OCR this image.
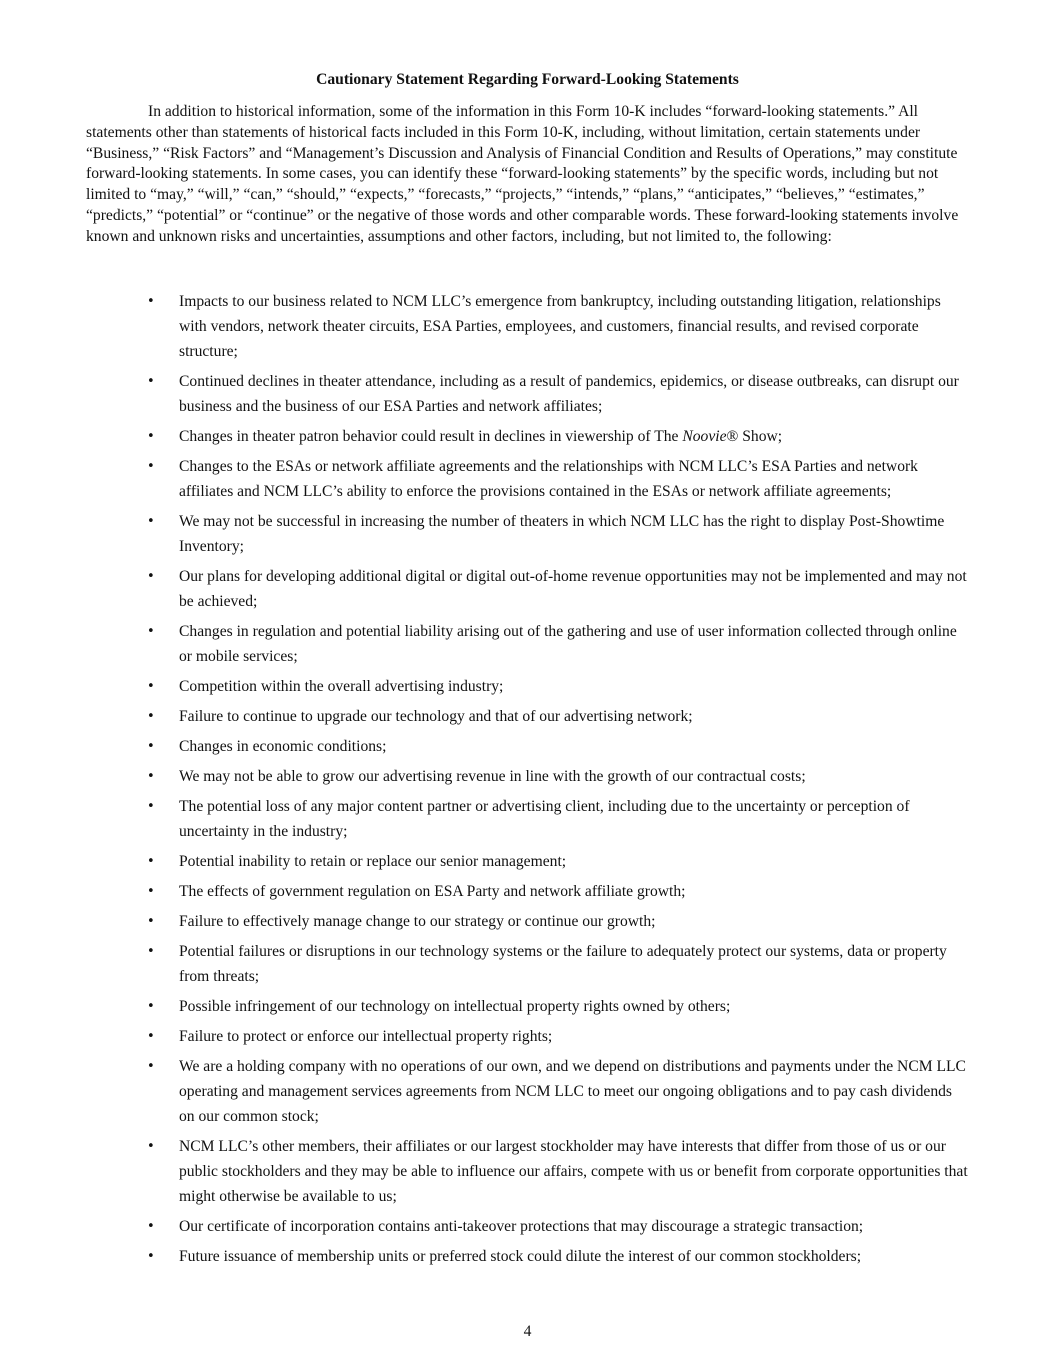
Cautionary Statement Regarding Forward-Looking Statements

In addition to historical information, some of the information in this Form 10-K includes “forward-looking statements.” All statements other than statements of historical facts included in this Form 10-K, including, without limitation, certain statements under “Business,” “Risk Factors” and “Management’s Discussion and Analysis of Financial Condition and Results of Operations,” may constitute forward-looking statements. In some cases, you can identify these “forward-looking statements” by the specific words, including but not limited to “may,” “will,” “can,” “should,” “expects,” “forecasts,” “projects,” “intends,” “plans,” “anticipates,” “believes,” “estimates,” “predicts,” “potential” or “continue” or the negative of those words and other comparable words. These forward-looking statements involve known and unknown risks and uncertainties, assumptions and other factors, including, but not limited to, the following:

• Impacts to our business related to NCM LLC’s emergence from bankruptcy, including outstanding litigation, relationships with vendors, network theater circuits, ESA Parties, employees, and customers, financial results, and revised corporate structure;
• Continued declines in theater attendance, including as a result of pandemics, epidemics, or disease outbreaks, can disrupt our business and the business of our ESA Parties and network affiliates;
• Changes in theater patron behavior could result in declines in viewership of The Noovie® Show;
• Changes to the ESAs or network affiliate agreements and the relationships with NCM LLC’s ESA Parties and network affiliates and NCM LLC’s ability to enforce the provisions contained in the ESAs or network affiliate agreements;
• We may not be successful in increasing the number of theaters in which NCM LLC has the right to display Post-Showtime Inventory;
• Our plans for developing additional digital or digital out-of-home revenue opportunities may not be implemented and may not be achieved;
• Changes in regulation and potential liability arising out of the gathering and use of user information collected through online or mobile services;
• Competition within the overall advertising industry;
• Failure to continue to upgrade our technology and that of our advertising network;
• Changes in economic conditions;
• We may not be able to grow our advertising revenue in line with the growth of our contractual costs;
• The potential loss of any major content partner or advertising client, including due to the uncertainty or perception of uncertainty in the industry;
• Potential inability to retain or replace our senior management;
• The effects of government regulation on ESA Party and network affiliate growth;
• Failure to effectively manage change to our strategy or continue our growth;
• Potential failures or disruptions in our technology systems or the failure to adequately protect our systems, data or property from threats;
• Possible infringement of our technology on intellectual property rights owned by others;
• Failure to protect or enforce our intellectual property rights;
• We are a holding company with no operations of our own, and we depend on distributions and payments under the NCM LLC operating and management services agreements from NCM LLC to meet our ongoing obligations and to pay cash dividends on our common stock;
• NCM LLC’s other members, their affiliates or our largest stockholder may have interests that differ from those of us or our public stockholders and they may be able to influence our affairs, compete with us or benefit from corporate opportunities that might otherwise be available to us;
• Our certificate of incorporation contains anti-takeover protections that may discourage a strategic transaction;
• Future issuance of membership units or preferred stock could dilute the interest of our common stockholders;
4
